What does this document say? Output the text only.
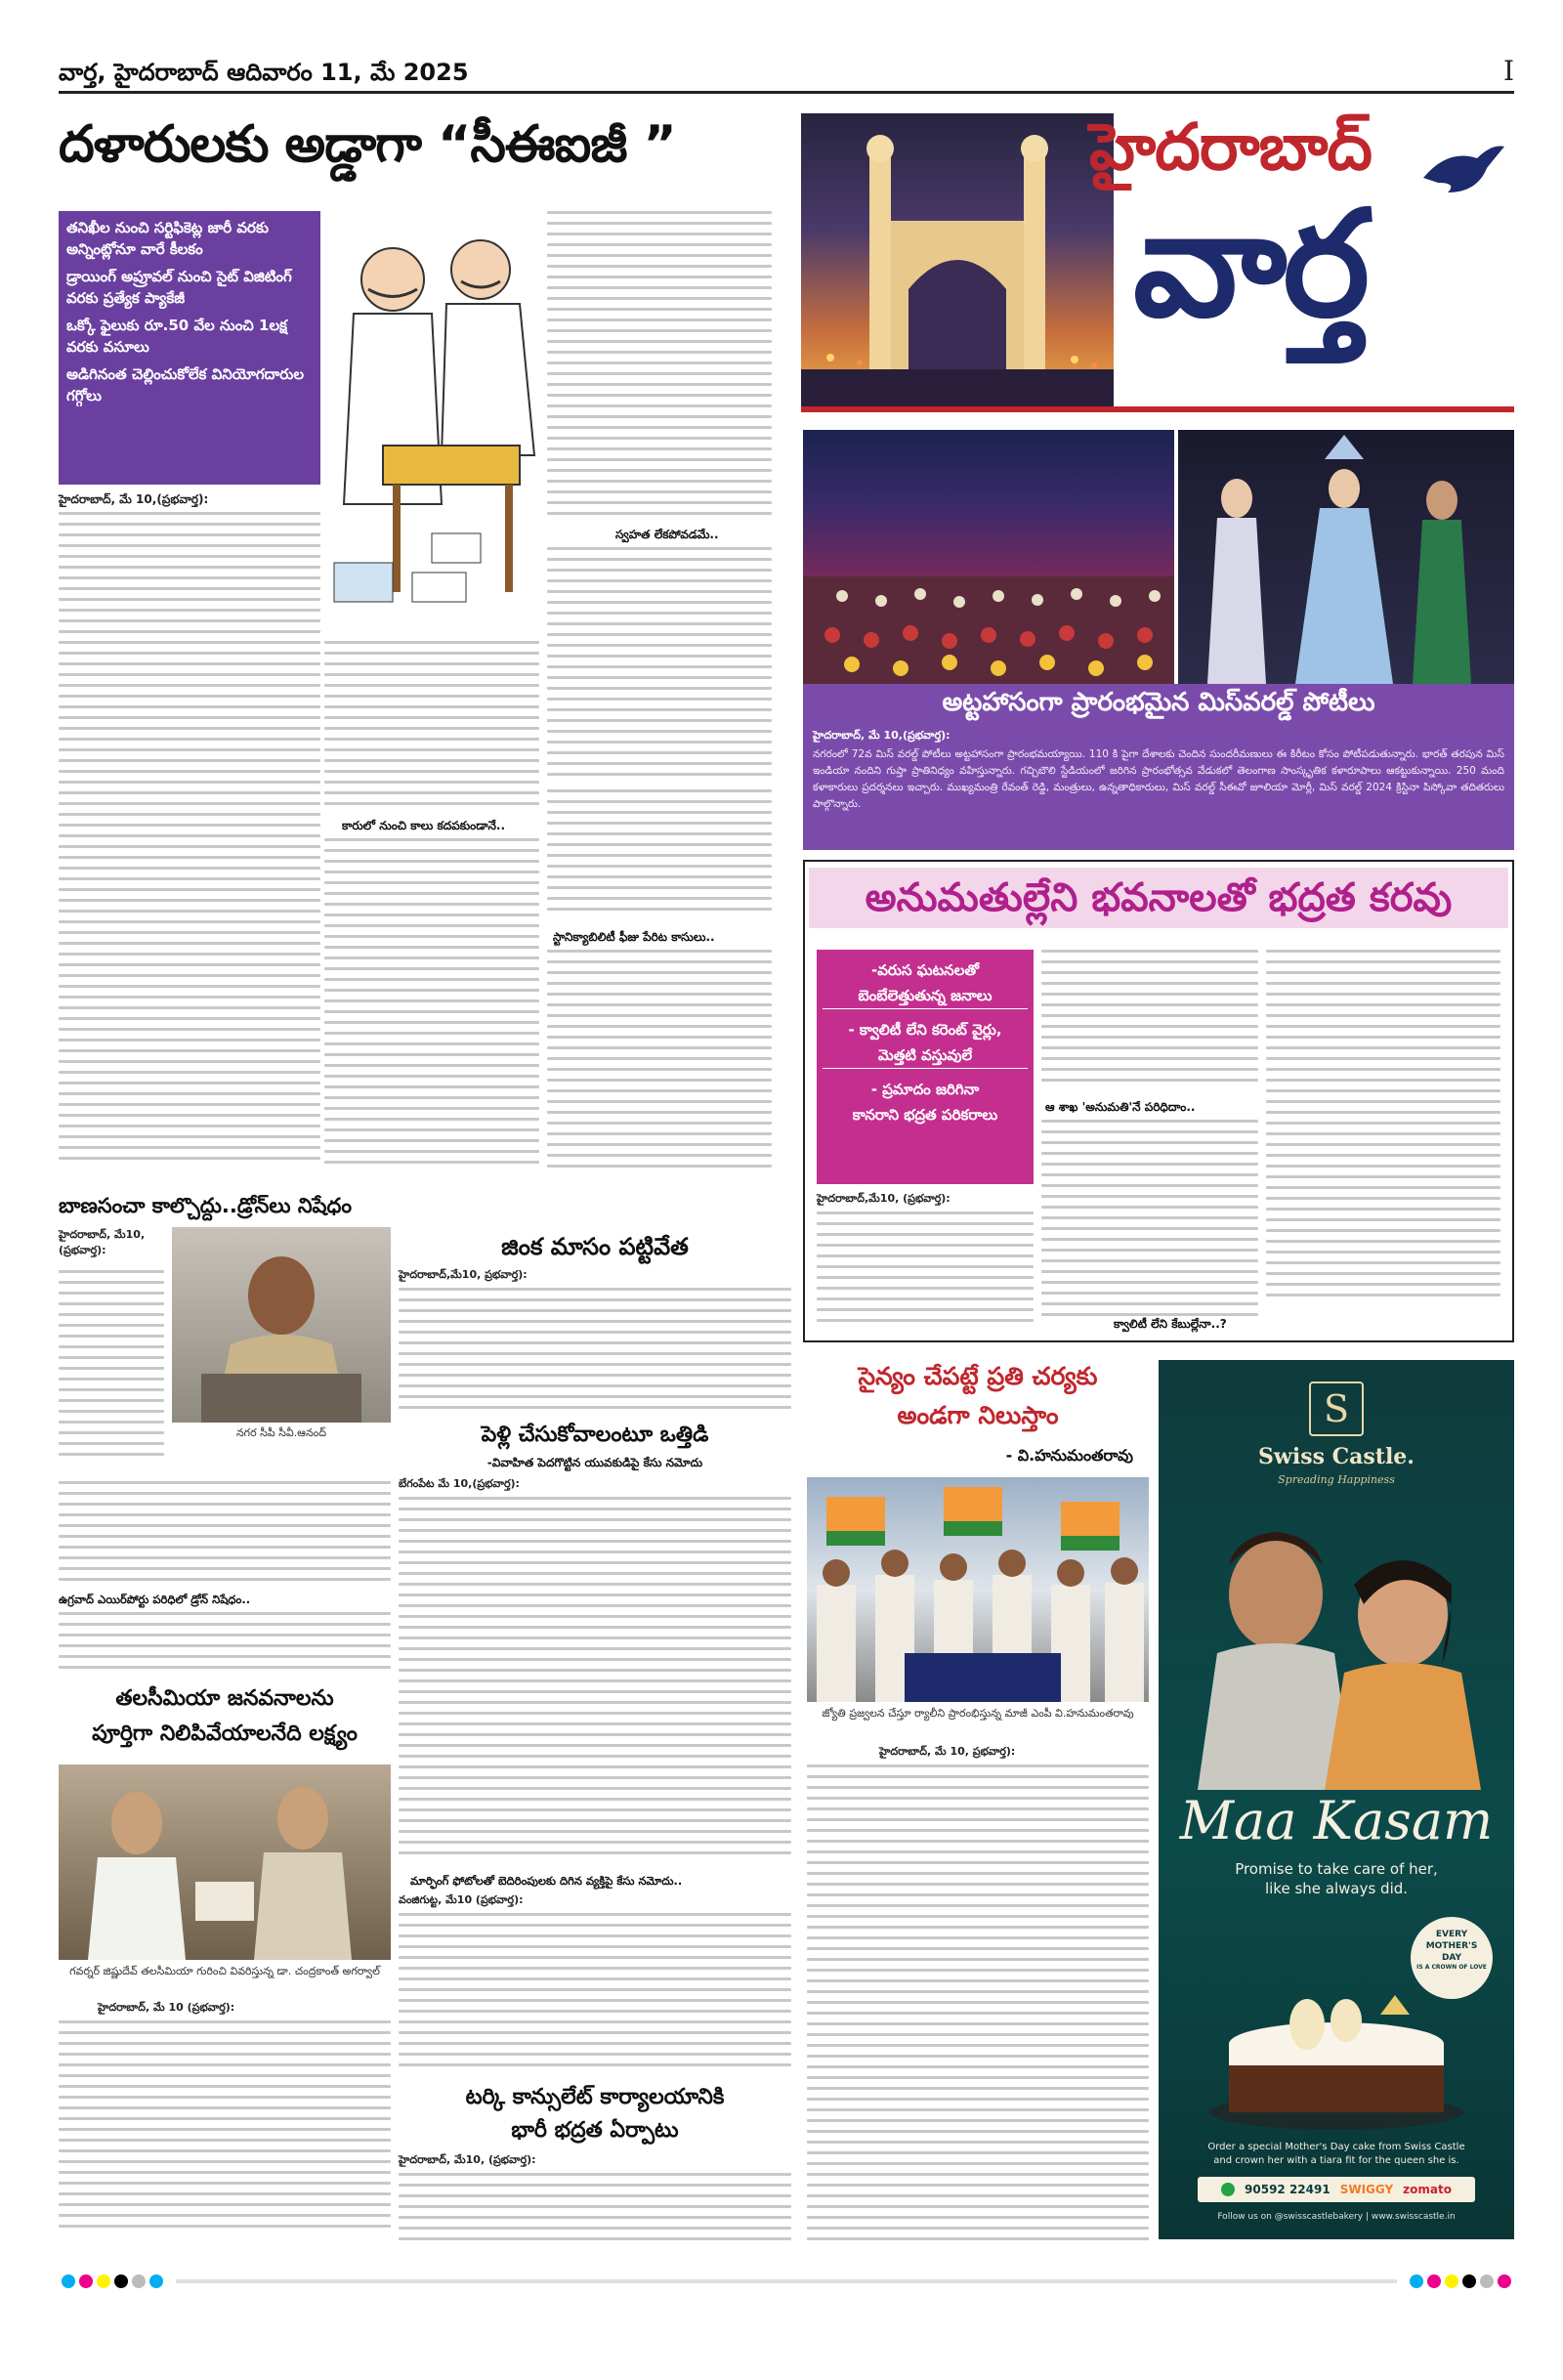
వార్త, హైదరాబాద్ ఆదివారం 11, మే 2025	I
దళారులకు అడ్డాగా “సీఈఐజీ ”
తనిఖీల నుంచి సర్టిఫికెట్ల జారీ వరకు అన్నింట్లోనూ వారే కీలకం
డ్రాయింగ్ అప్రూవల్ నుంచి సైట్ విజిటింగ్ వరకు ప్రత్యేక ప్యాకేజీ
ఒక్కో ఫైలుకు రూ.50 వేల నుంచి 1లక్ష వరకు వసూలు
అడిగినంత చెల్లించుకోలేక వినియోగదారుల గగ్గోలు
స్వహత లేకపోవడమే..
హైదరాబాద్, మే 10,(ప్రభవార్త):
కారులో నుంచి కాలు కదపకుండానే..
స్టానిక్యాబిలిటీ ఫీజు పేరిట కాసులు..
హైదరాబాద్
వార్త
అట్టహాసంగా ప్రారంభమైన మిస్‌వరల్డ్ పోటీలు
హైదరాబాద్, మే 10,(ప్రభవార్త):
నగరంలో 72వ మిస్ వరల్డ్ పోటీలు అట్టహాసంగా ప్రారంభమయ్యాయి. 110 కి పైగా దేశాలకు చెందిన సుందరీమణులు ఈ కిరీటం కోసం పోటీపడుతున్నారు. భారత్ తరపున మిస్ ఇండియా నందిని గుప్తా ప్రాతినిధ్యం వహిస్తున్నారు. గచ్చిబౌలి స్టేడియంలో జరిగిన ప్రారంభోత్సవ వేడుకలో తెలంగాణ సాంస్కృతిక కళారూపాలు ఆకట్టుకున్నాయి. 250 మంది కళాకారులు ప్రదర్శనలు ఇచ్చారు. ముఖ్యమంత్రి రేవంత్ రెడ్డి, మంత్రులు, ఉన్నతాధికారులు, మిస్ వరల్డ్ సీఈవో జూలియా మోర్లీ, మిస్ వరల్డ్ 2024 క్రిస్టినా పిస్కోవా తదితరులు పాల్గొన్నారు.
అనుమతుల్లేని భవనాలతో భద్రత కరవు
-వరుస ఘటనలతో
బెంబేలెత్తుతున్న జనాలు
- క్వాలిటీ లేని కరెంట్ వైర్లు,
మెత్తటి వస్తువులే
- ప్రమాదం జరిగినా
కానరాని భద్రత పరికరాలు
హైదరాబాద్‌,మే10, (ప్రభవార్త):
ఆ శాఖ 'అనుమతి'నే పరిధిదాం..
క్వాలిటీ లేని కేబుల్లేనా..?
బాణసంచా కాల్చొద్దు..డ్రోన్‌లు నిషేధం
హైదరాబాద్, మే10, (ప్రభవార్త):
నగర సీపీ సీవీ.ఆనంద్
ఉగ్రవాద్ ఎయిర్‌పోర్టు పరిధిలో డ్రోన్ నిషేధం..
తలసీమియా జనవనాలను
పూర్తిగా నిలిపివేయాలనేది లక్ష్యం
గవర్నర్ జిష్ణుదేవ్ తలసీమియా గురించి వివరిస్తున్న డా. చంద్రకాంత్ అగర్వాల్
హైదరాబాద్, మే 10 (ప్రభవార్త):
జింక మాసం పట్టివేత
హైదరాబాద్,మే10, ప్రభవార్త):
పెళ్లి చేసుకోవాలంటూ ఒత్తిడి
-వివాహిత పెదగొట్టిన యువకుడిపై కేసు నమోదు
బేగంపేట మే 10,(ప్రభవార్త):
మార్ఫింగ్ ఫోటోలతో బెదిరింపులకు దిగిన వ్యక్తిపై కేసు నమోదు..
వంజిగుట్ట, మే10 (ప్రభవార్త):
టర్కి కాన్సులేట్ కార్యాలయానికి
భారీ భద్రత ఏర్పాటు
హైదరాబాద్, మే10, (ప్రభవార్త):
సైన్యం చేపట్టే ప్రతి చర్యకు
అండగా నిలుస్తాం
- వి.హనుమంతరావు
జ్యోతి ప్రజ్వలన చేస్తూ ర్యాలీని ప్రారంభిస్తున్న మాజీ ఎంపీ వి.హనుమంతరావు
హైదరాబాద్, మే 10, ప్రభవార్త):
S
Swiss Castle.
Spreading Happiness
Maa Kasam
Promise to take care of her,
like she always did.
EVERY
MOTHER'S
DAY
IS A CROWN OF LOVE
Order a special Mother's Day cake from Swiss Castle
and crown her with a tiara fit for the queen she is.
90592 22491 SWIGGY zomato
Follow us on @swisscastlebakery | www.swisscastle.in
